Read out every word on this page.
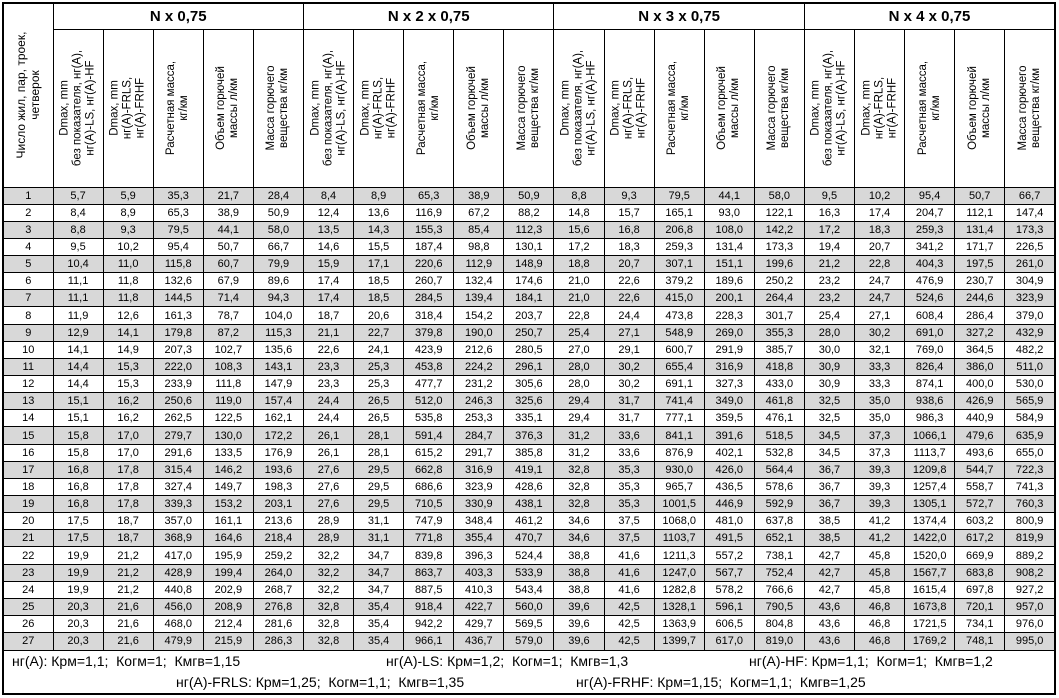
Число жил, пар, троек, четверок	N x 0,75					N x 2 x 0,75					N x 3 x 0,75					N x 4 x 0,75				

Dmax, mm без показателя, нг(А), нг(А)-LS, нг(А)-HF	Dmax, mm нг(А)-FRLS, нг(А)-FRHF	Расчетная масса, кг/км	Объем горючей массы л/км	Масса горючего вещества кг/км	Dmax, mm без показателя, нг(А), нг(А)-LS, нг(А)-HF	Dmax, mm нг(А)-FRLS, нг(А)-FRHF	Расчетная масса, кг/км	Объем горючей массы л/км	Масса горючего вещества кг/км	Dmax, mm без показателя, нг(А), нг(А)-LS, нг(А)-HF	Dmax, mm нг(А)-FRLS, нг(А)-FRHF	Расчетная масса, кг/км	Объем горючей массы л/км	Масса горючего вещества кг/км	Dmax, mm без показателя, нг(А), нг(А)-LS, нг(А)-HF	Dmax, mm нг(А)-FRLS, нг(А)-FRHF	Расчетная масса, кг/км	Объем горючей массы л/км	Масса горючего вещества кг/км

1	5,7	5,9	35,3	21,7	28,4	8,4	8,9	65,3	38,9	50,9	8,8	9,3	79,5	44,1	58,0	9,5	10,2	95,4	50,7	66,7
2	8,4	8,9	65,3	38,9	50,9	12,4	13,6	116,9	67,2	88,2	14,8	15,7	165,1	93,0	122,1	16,3	17,4	204,7	112,1	147,4
3	8,8	9,3	79,5	44,1	58,0	13,5	14,3	155,3	85,4	112,3	15,6	16,8	206,8	108,0	142,2	17,2	18,3	259,3	131,4	173,3
4	9,5	10,2	95,4	50,7	66,7	14,6	15,5	187,4	98,8	130,1	17,2	18,3	259,3	131,4	173,3	19,4	20,7	341,2	171,7	226,5
5	10,4	11,0	115,8	60,7	79,9	15,9	17,1	220,6	112,9	148,9	18,8	20,7	307,1	151,1	199,6	21,2	22,8	404,3	197,5	261,0
6	11,1	11,8	132,6	67,9	89,6	17,4	18,5	260,7	132,4	174,6	21,0	22,6	379,2	189,6	250,2	23,2	24,7	476,9	230,7	304,9
7	11,1	11,8	144,5	71,4	94,3	17,4	18,5	284,5	139,4	184,1	21,0	22,6	415,0	200,1	264,4	23,2	24,7	524,6	244,6	323,9
8	11,9	12,6	161,3	78,7	104,0	18,7	20,6	318,4	154,2	203,7	22,8	24,4	473,8	228,3	301,7	25,4	27,1	608,4	286,4	379,0
9	12,9	14,1	179,8	87,2	115,3	21,1	22,7	379,8	190,0	250,7	25,4	27,1	548,9	269,0	355,3	28,0	30,2	691,0	327,2	432,9
10	14,1	14,9	207,3	102,7	135,6	22,6	24,1	423,9	212,6	280,5	27,0	29,1	600,7	291,9	385,7	30,0	32,1	769,0	364,5	482,2
11	14,4	15,3	222,0	108,3	143,1	23,3	25,3	453,8	224,2	296,1	28,0	30,2	655,4	316,9	418,8	30,9	33,3	826,4	386,0	511,0
12	14,4	15,3	233,9	111,8	147,9	23,3	25,3	477,7	231,2	305,6	28,0	30,2	691,1	327,3	433,0	30,9	33,3	874,1	400,0	530,0
13	15,1	16,2	250,6	119,0	157,4	24,4	26,5	512,0	246,3	325,6	29,4	31,7	741,4	349,0	461,8	32,5	35,0	938,6	426,9	565,9
14	15,1	16,2	262,5	122,5	162,1	24,4	26,5	535,8	253,3	335,1	29,4	31,7	777,1	359,5	476,1	32,5	35,0	986,3	440,9	584,9
15	15,8	17,0	279,7	130,0	172,2	26,1	28,1	591,4	284,7	376,3	31,2	33,6	841,1	391,6	518,5	34,5	37,3	1066,1	479,6	635,9
16	15,8	17,0	291,6	133,5	176,9	26,1	28,1	615,2	291,7	385,8	31,2	33,6	876,9	402,1	532,8	34,5	37,3	1113,7	493,6	655,0
17	16,8	17,8	315,4	146,2	193,6	27,6	29,5	662,8	316,9	419,1	32,8	35,3	930,0	426,0	564,4	36,7	39,3	1209,8	544,7	722,3
18	16,8	17,8	327,4	149,7	198,3	27,6	29,5	686,6	323,9	428,6	32,8	35,3	965,7	436,5	578,6	36,7	39,3	1257,4	558,7	741,3
19	16,8	17,8	339,3	153,2	203,1	27,6	29,5	710,5	330,9	438,1	32,8	35,3	1001,5	446,9	592,9	36,7	39,3	1305,1	572,7	760,3
20	17,5	18,7	357,0	161,1	213,6	28,9	31,1	747,9	348,4	461,2	34,6	37,5	1068,0	481,0	637,8	38,5	41,2	1374,4	603,2	800,9
21	17,5	18,7	368,9	164,6	218,4	28,9	31,1	771,8	355,4	470,7	34,6	37,5	1103,7	491,5	652,1	38,5	41,2	1422,0	617,2	819,9
22	19,9	21,2	417,0	195,9	259,2	32,2	34,7	839,8	396,3	524,4	38,8	41,6	1211,3	557,2	738,1	42,7	45,8	1520,0	669,9	889,2
23	19,9	21,2	428,9	199,4	264,0	32,2	34,7	863,7	403,3	533,9	38,8	41,6	1247,0	567,7	752,4	42,7	45,8	1567,7	683,8	908,2
24	19,9	21,2	440,8	202,9	268,7	32,2	34,7	887,5	410,3	543,4	38,8	41,6	1282,8	578,2	766,6	42,7	45,8	1615,4	697,8	927,2
25	20,3	21,6	456,0	208,9	276,8	32,8	35,4	918,4	422,7	560,0	39,6	42,5	1328,1	596,1	790,5	43,6	46,8	1673,8	720,1	957,0
26	20,3	21,6	468,0	212,4	281,6	32,8	35,4	942,2	429,7	569,5	39,6	42,5	1363,9	606,5	804,8	43,6	46,8	1721,5	734,1	976,0
27	20,3	21,6	479,9	215,9	286,3	32,8	35,4	966,1	436,7	579,0	39,6	42,5	1399,7	617,0	819,0	43,6	46,8	1769,2	748,1	995,0

нг(А): Крм=1,1;  Когм=1;  Кмгв=1,15 нг(А)-LS: Крм=1,2;  Когм=1;  Кмгв=1,3 нг(А)-HF: Крм=1,1;  Когм=1;  Кмгв=1,2
нг(А)-FRLS: Крм=1,25;  Когм=1,1;  Кмгв=1,35 нг(А)-FRHF: Крм=1,15;  Когм=1,1;  Кмгв=1,25																				
